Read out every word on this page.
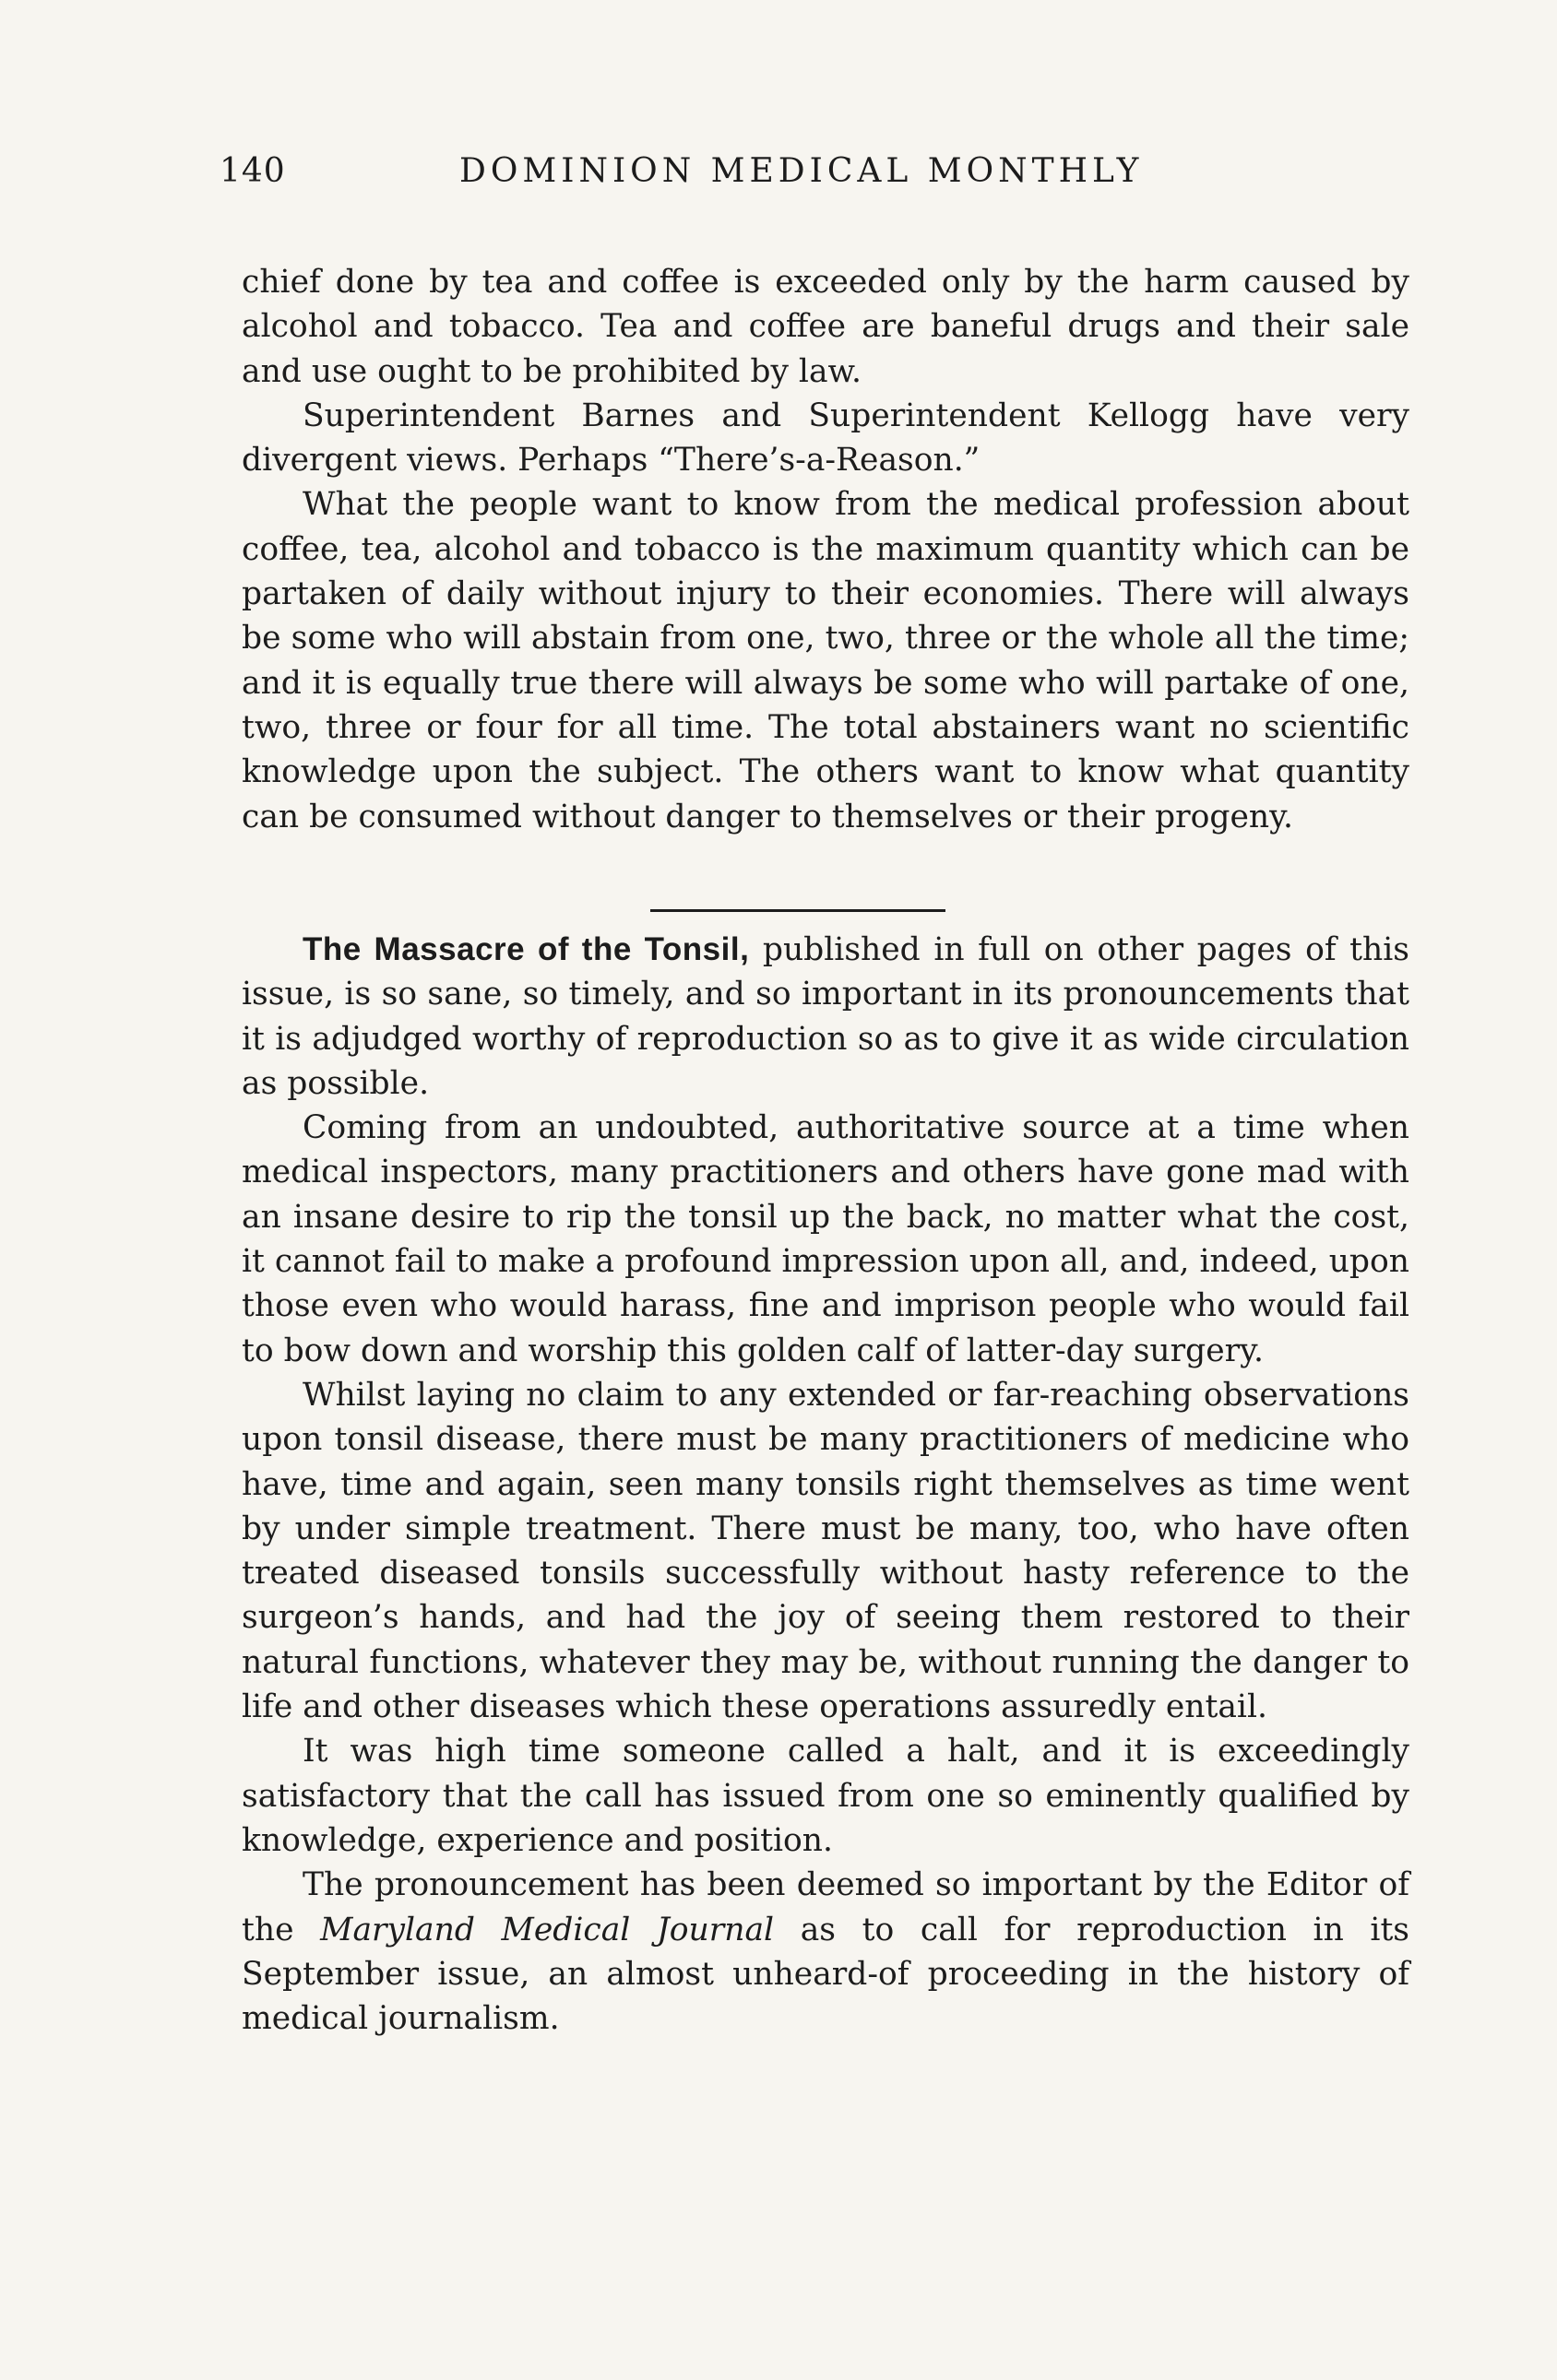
140	DOMINION MEDICAL MONTHLY

chief done by tea and coffee is exceeded only by the harm caused by alcohol and tobacco. Tea and coffee are baneful drugs and their sale and use ought to be prohibited by law.

Superintendent Barnes and Superintendent Kellogg have very divergent views. Perhaps “There’s-a-Reason.”

What the people want to know from the medical profession about coffee, tea, alcohol and tobacco is the maximum quantity which can be partaken of daily without injury to their economies. There will always be some who will abstain from one, two, three or the whole all the time; and it is equally true there will always be some who will partake of one, two, three or four for all time. The total abstainers want no scientific knowledge upon the subject. The others want to know what quantity can be consumed without danger to themselves or their progeny.

The Massacre of the Tonsil, published in full on other pages of this issue, is so sane, so timely, and so important in its pronouncements that it is adjudged worthy of reproduction so as to give it as wide circulation as possible.

Coming from an undoubted, authoritative source at a time when medical inspectors, many practitioners and others have gone mad with an insane desire to rip the tonsil up the back, no matter what the cost, it cannot fail to make a profound impression upon all, and, indeed, upon those even who would harass, fine and imprison people who would fail to bow down and worship this golden calf of latter-day surgery.

Whilst laying no claim to any extended or far-reaching observations upon tonsil disease, there must be many practitioners of medicine who have, time and again, seen many tonsils right themselves as time went by under simple treatment. There must be many, too, who have often treated diseased tonsils successfully without hasty reference to the surgeon’s hands, and had the joy of seeing them restored to their natural functions, whatever they may be, without running the danger to life and other diseases which these operations assuredly entail.

It was high time someone called a halt, and it is exceedingly satisfactory that the call has issued from one so eminently qualified by knowledge, experience and position.

The pronouncement has been deemed so important by the Editor of the Maryland Medical Journal as to call for reproduction in its September issue, an almost unheard-of proceeding in the history of medical journalism.
